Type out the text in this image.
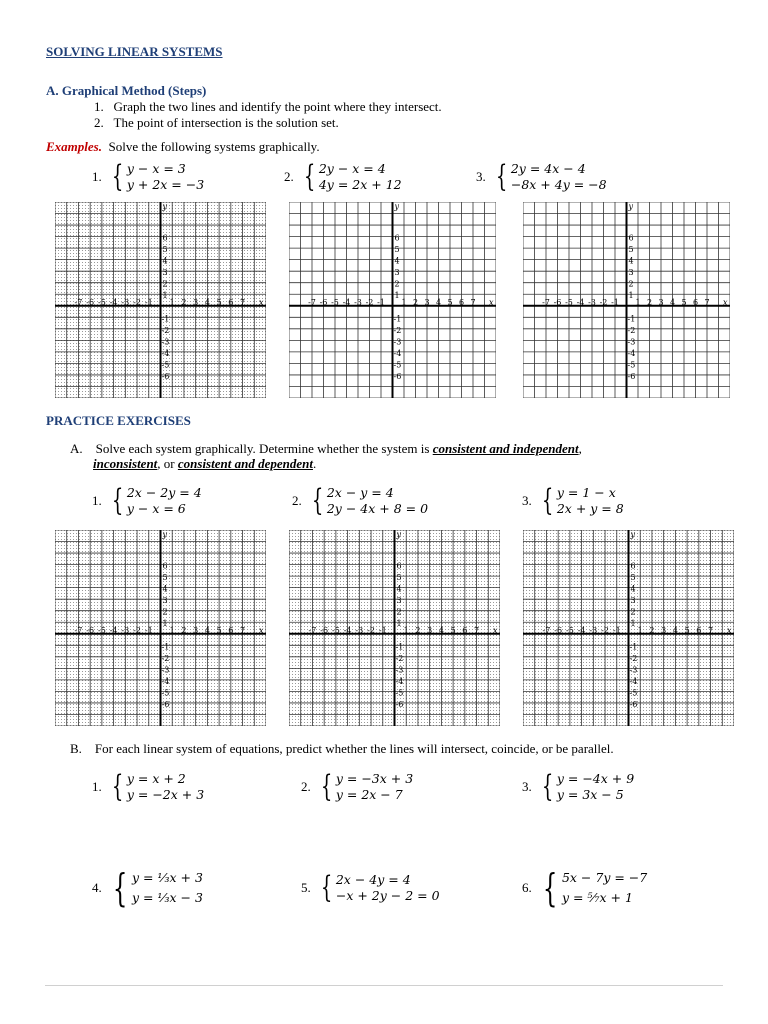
SOLVING LINEAR SYSTEMS
A. Graphical Method (Steps)
1. Graph the two lines and identify the point where they intersect.
2. The point of intersection is the solution set.
Examples. Solve the following systems graphically.
1. { y − x = 3
y + 2x = −3
2. { 2y − x = 4
4y = 2x + 12
3. { 2y = 4x − 4
−8x + 4y = −8
y
x
-7 -6 -5 -4 -3 -2 -1 1 2 3 4 5 6 7
6
5
4
3
2
1
-1
-2
-3
-4
-5
-6
y
x
-7 -6 -5 -4 -3 -2 -1 1 2 3 4 5 6 7
6
5
4
3
2
1
-1
-2
-3
-4
-5
-6
y
x
-7 -6 -5 -4 -3 -2 -1 1 2 3 4 5 6 7
6
5
4
3
2
1
-1
-2
-3
-4
-5
-6
PRACTICE EXERCISES
A. Solve each system graphically. Determine whether the system is consistent and independent,
inconsistent, or consistent and dependent.
1. { 2x − 2y = 4
y − x = 6
2. { 2x − y = 4
2y − 4x + 8 = 0
3. { y = 1 − x
2x + y = 8
y
x
-7 -6 -5 -4 -3 -2 -1 1 2 3 4 5 6 7
6
5
4
3
2
1
-1
-2
-3
-4
-5
-6
y
x
-7 -6 -5 -4 -3 -2 -1 1 2 3 4 5 6 7
6
5
4
3
2
1
-1
-2
-3
-4
-5
-6
y
x
-7 -6 -5 -4 -3 -2 -1 1 2 3 4 5 6 7
6
5
4
3
2
1
-1
-2
-3
-4
-5
-6
B. For each linear system of equations, predict whether the lines will intersect, coincide, or be parallel.
1. { y = x + 2
y = −2x + 3
2. { y = −3x + 3
y = 2x − 7
3. { y = −4x + 9
y = 3x − 5
4. { y = ⅓x + 3
y = ⅓x − 3
5. { 2x − 4y = 4
−x + 2y − 2 = 0
6. { 5x − 7y = −7
y = ⁵⁄₇x + 1
